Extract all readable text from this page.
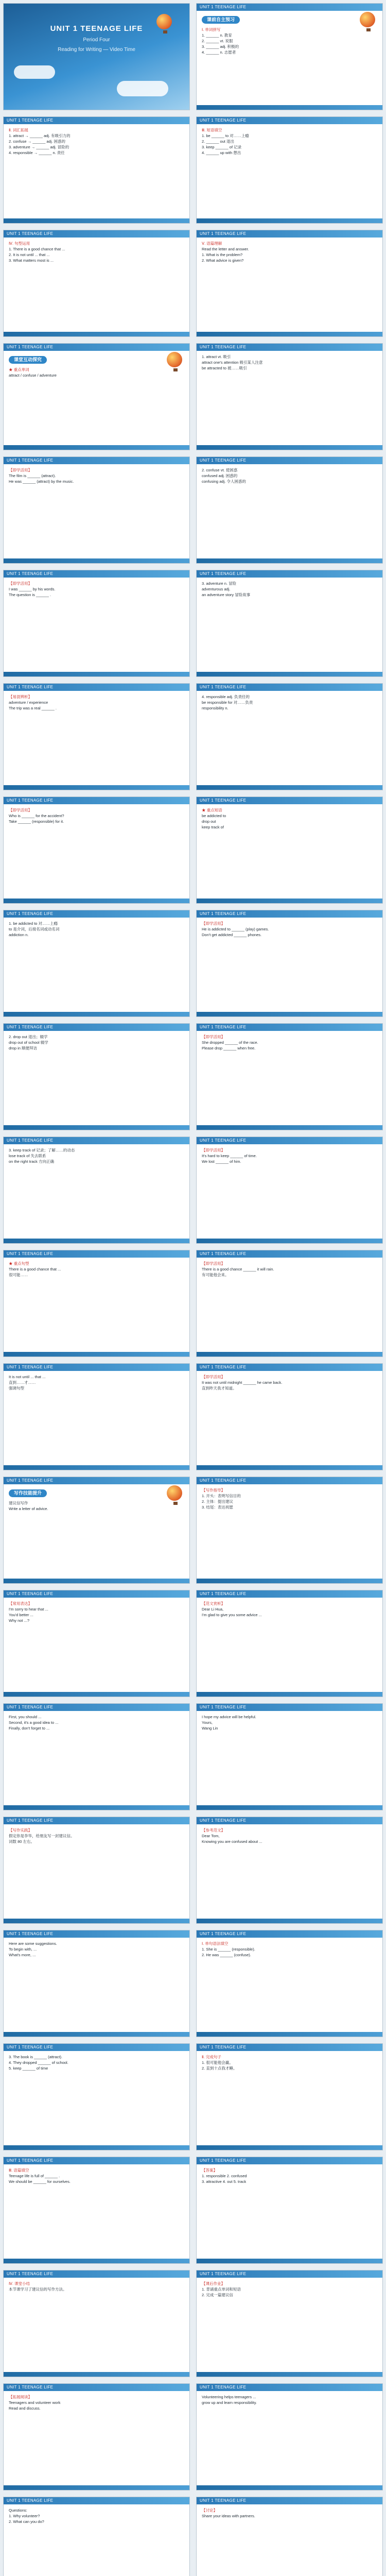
UNIT 1 TEENAGE LIFE
Period Four
Reading for Writing — Video Time
UNIT 1 TEENAGE LIFE
课前自主预习
Ⅰ. 单词拼写
1. ______ n. 教育
2. ______ vt. 说服
3. ______ adj. 积极的
4. ______ n. 志愿者
UNIT 1 TEENAGE LIFE
Ⅱ. 词汇拓展
1. attract → ______ adj. 有吸引力的
2. confuse → ______ adj. 困惑的
3. adventure → ______ adj. 冒险的
4. responsible → ______ n. 责任
UNIT 1 TEENAGE LIFE
Ⅲ. 短语填空
1. be ______ to 对……上瘾
2. ______ out 退出
3. keep ______ of 记录
4. ______ up with 想出
UNIT 1 TEENAGE LIFE
Ⅳ. 句型运用
1. There is a good chance that ...
2. It is not until ... that ...
3. What matters most is ...
UNIT 1 TEENAGE LIFE
Ⅴ. 语篇理解
Read the letter and answer.
1. What is the problem?
2. What advice is given?
UNIT 1 TEENAGE LIFE
课堂互动探究
★ 重点单词
attract / confuse / adventure
UNIT 1 TEENAGE LIFE
1. attract vt. 吸引
attract one's attention 吸引某人注意
be attracted to 被……吸引
UNIT 1 TEENAGE LIFE
【即学活用】
The film is ______ (attract).
He was ______ (attract) by the music.
UNIT 1 TEENAGE LIFE
2. confuse vt. 使困惑
confused adj. 困惑的
confusing adj. 令人困惑的
UNIT 1 TEENAGE LIFE
【即学活用】
I was ______ by his words.
The question is ______ .
UNIT 1 TEENAGE LIFE
3. adventure n. 冒险
adventurous adj.
an adventure story 冒险故事
UNIT 1 TEENAGE LIFE
【易混辨析】
adventure / experience
The trip was a real ______ .
UNIT 1 TEENAGE LIFE
4. responsible adj. 负责任的
be responsible for 对……负责
responsibility n.
UNIT 1 TEENAGE LIFE
【即学活用】
Who is ______ for the accident?
Take ______ (responsible) for it.
UNIT 1 TEENAGE LIFE
★ 重点短语
be addicted to
drop out
keep track of
UNIT 1 TEENAGE LIFE
1. be addicted to 对……上瘾
to 是介词，后接名词或动名词
addiction n.
UNIT 1 TEENAGE LIFE
【即学活用】
He is addicted to ______ (play) games.
Don't get addicted ______ phones.
UNIT 1 TEENAGE LIFE
2. drop out 退出；辍学
drop out of school 辍学
drop in 顺便拜访
UNIT 1 TEENAGE LIFE
【即学活用】
She dropped ______ of the race.
Please drop ______ when free.
UNIT 1 TEENAGE LIFE
3. keep track of 记录；了解……的动态
lose track of 失去联系
on the right track 方向正确
UNIT 1 TEENAGE LIFE
【即学活用】
It's hard to keep ______ of time.
We lost ______ of him.
UNIT 1 TEENAGE LIFE
★ 重点句型
There is a good chance that ...
很可能……
UNIT 1 TEENAGE LIFE
【即学活用】
There is a good chance ______ it will rain.
有可能他会来。
UNIT 1 TEENAGE LIFE
It is not until ... that ...
直到……才……
强调句型
UNIT 1 TEENAGE LIFE
【即学活用】
It was not until midnight ______ he came back.
直到昨天我才知道。
UNIT 1 TEENAGE LIFE
写作技能提升
建议信写作
Write a letter of advice.
UNIT 1 TEENAGE LIFE
【写作指导】
1. 开头：表明写信目的
2. 主体：提出建议
3. 结尾：表达祝愿
UNIT 1 TEENAGE LIFE
【常用表达】
I'm sorry to hear that ...
You'd better ...
Why not ...?
UNIT 1 TEENAGE LIFE
【范文赏析】
Dear Li Hua,
I'm glad to give you some advice ...
UNIT 1 TEENAGE LIFE
First, you should ...
Second, it's a good idea to ...
Finally, don't forget to ...
UNIT 1 TEENAGE LIFE
I hope my advice will be helpful.
Yours,
Wang Lin
UNIT 1 TEENAGE LIFE
【写作实践】
假定你是李华，给朋友写一封建议信。
词数 80 左右。
UNIT 1 TEENAGE LIFE
【参考范文】
Dear Tom,
Knowing you are confused about ...
UNIT 1 TEENAGE LIFE
Here are some suggestions.
To begin with, ...
What's more, ...
UNIT 1 TEENAGE LIFE
Ⅰ. 单句语法填空
1. She is ______ (responsible).
2. He was ______ (confuse).
UNIT 1 TEENAGE LIFE
3. The book is ______ (attract).
4. They dropped ______ of school.
5. keep ______ of time
UNIT 1 TEENAGE LIFE
Ⅱ. 完成句子
1. 很可能他会赢。
2. 直到十点我才睡。
UNIT 1 TEENAGE LIFE
Ⅲ. 语篇填空
Teenage life is full of ______ .
We should be ______ for ourselves.
UNIT 1 TEENAGE LIFE
【答案】
1. responsible 2. confused
3. attractive 4. out 5. track
UNIT 1 TEENAGE LIFE
Ⅳ. 课堂小结
本节课学习了建议信的写作方法。
UNIT 1 TEENAGE LIFE
【课后作业】
1. 背诵重点单词和短语
2. 完成一篇建议信
UNIT 1 TEENAGE LIFE
【拓展阅读】
Teenagers and volunteer work
Read and discuss.
UNIT 1 TEENAGE LIFE
Volunteering helps teenagers ...
grow up and learn responsibility.
UNIT 1 TEENAGE LIFE
Questions:
1. Why volunteer?
2. What can you do?
UNIT 1 TEENAGE LIFE
【讨论】
Share your ideas with partners.
